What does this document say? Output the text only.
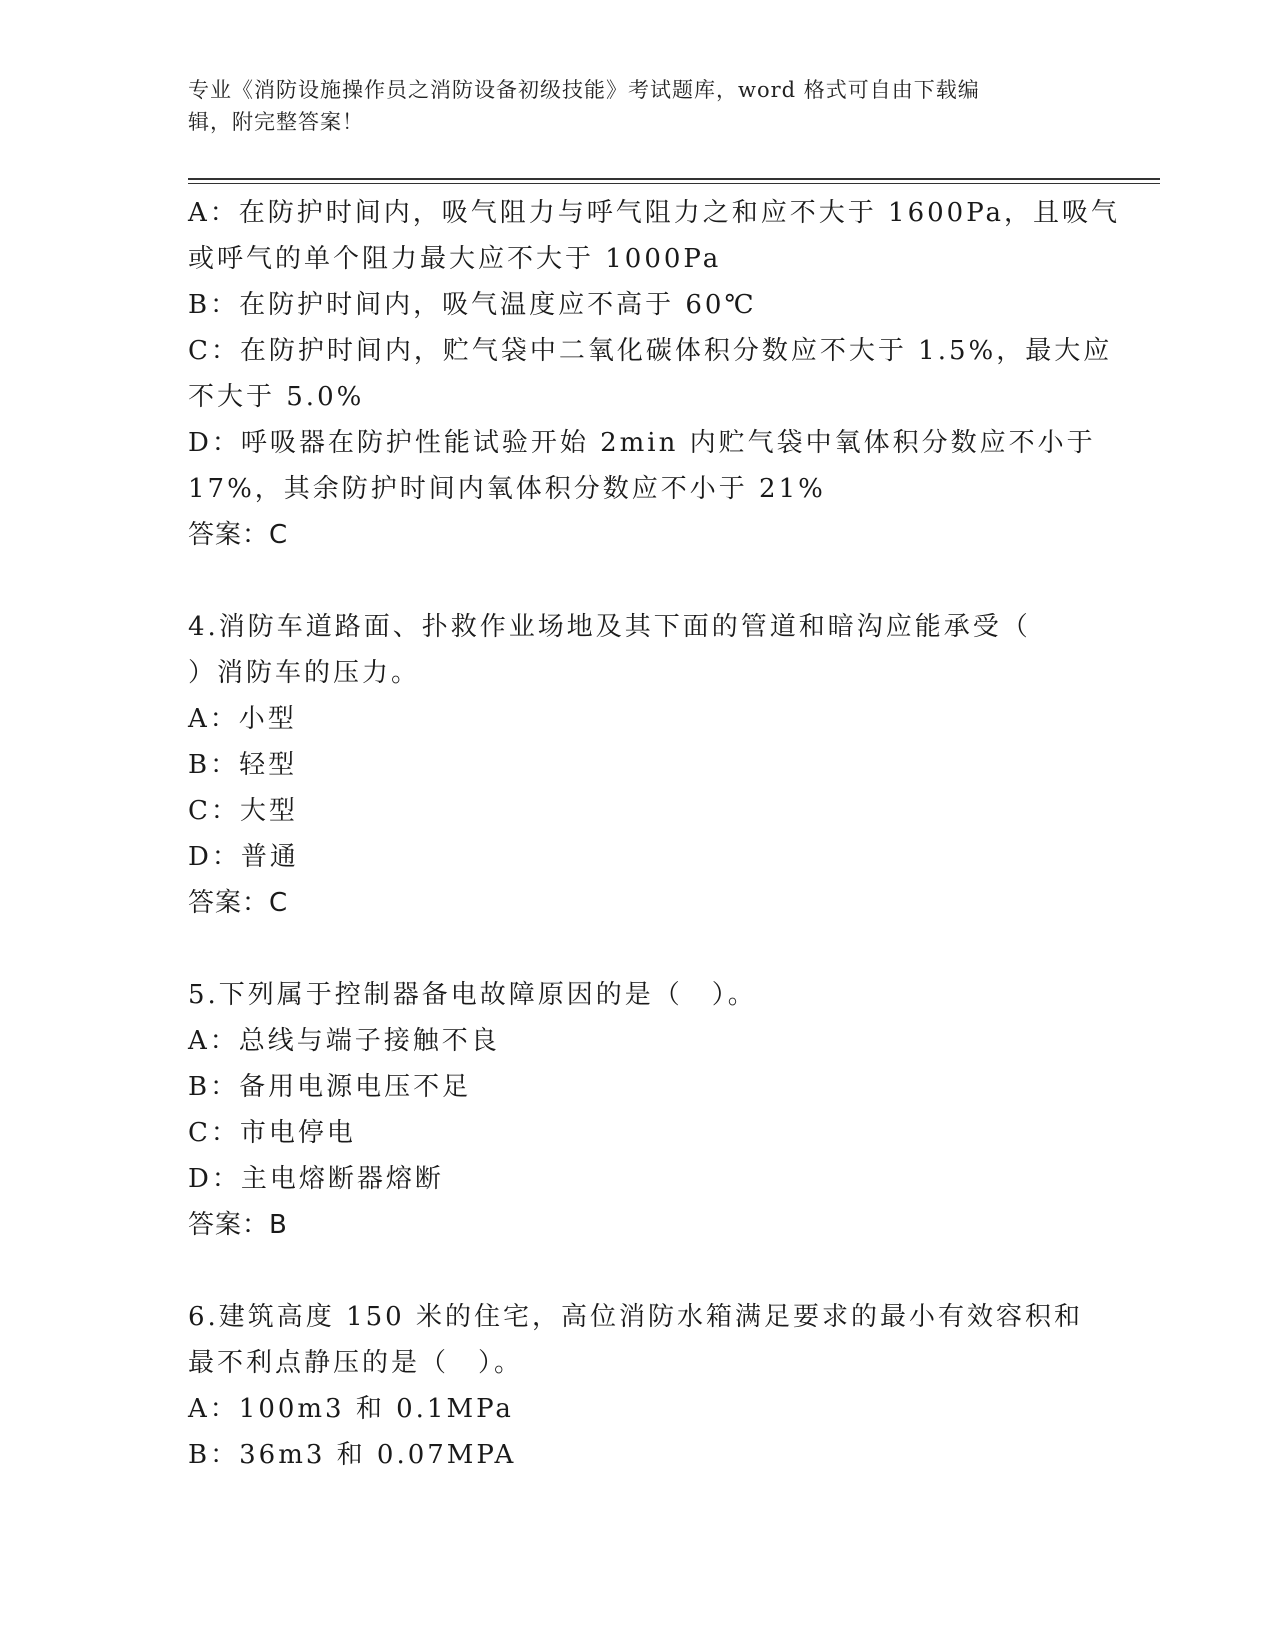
专业《消防设施操作员之消防设备初级技能》考试题库，word 格式可自由下载编
辑，附完整答案！
A：在防护时间内，吸气阻力与呼气阻力之和应不大于 1600Pa，且吸气
或呼气的单个阻力最大应不大于 1000Pa
B：在防护时间内，吸气温度应不高于 60℃
C：在防护时间内，贮气袋中二氧化碳体积分数应不大于 1.5%，最大应
不大于 5.0%
D：呼吸器在防护性能试验开始 2min 内贮气袋中氧体积分数应不小于
17%，其余防护时间内氧体积分数应不小于 21%
答案：C
4.消防车道路面、扑救作业场地及其下面的管道和暗沟应能承受（
）消防车的压力。
A：小型
B：轻型
C：大型
D：普通
答案：C
5.下列属于控制器备电故障原因的是（　）。
A：总线与端子接触不良
B：备用电源电压不足
C：市电停电
D：主电熔断器熔断
答案：B
6.建筑高度 150 米的住宅，高位消防水箱满足要求的最小有效容积和
最不利点静压的是（　）。
A：100m3 和 0.1MPa
B：36m3 和 0.07MPA
